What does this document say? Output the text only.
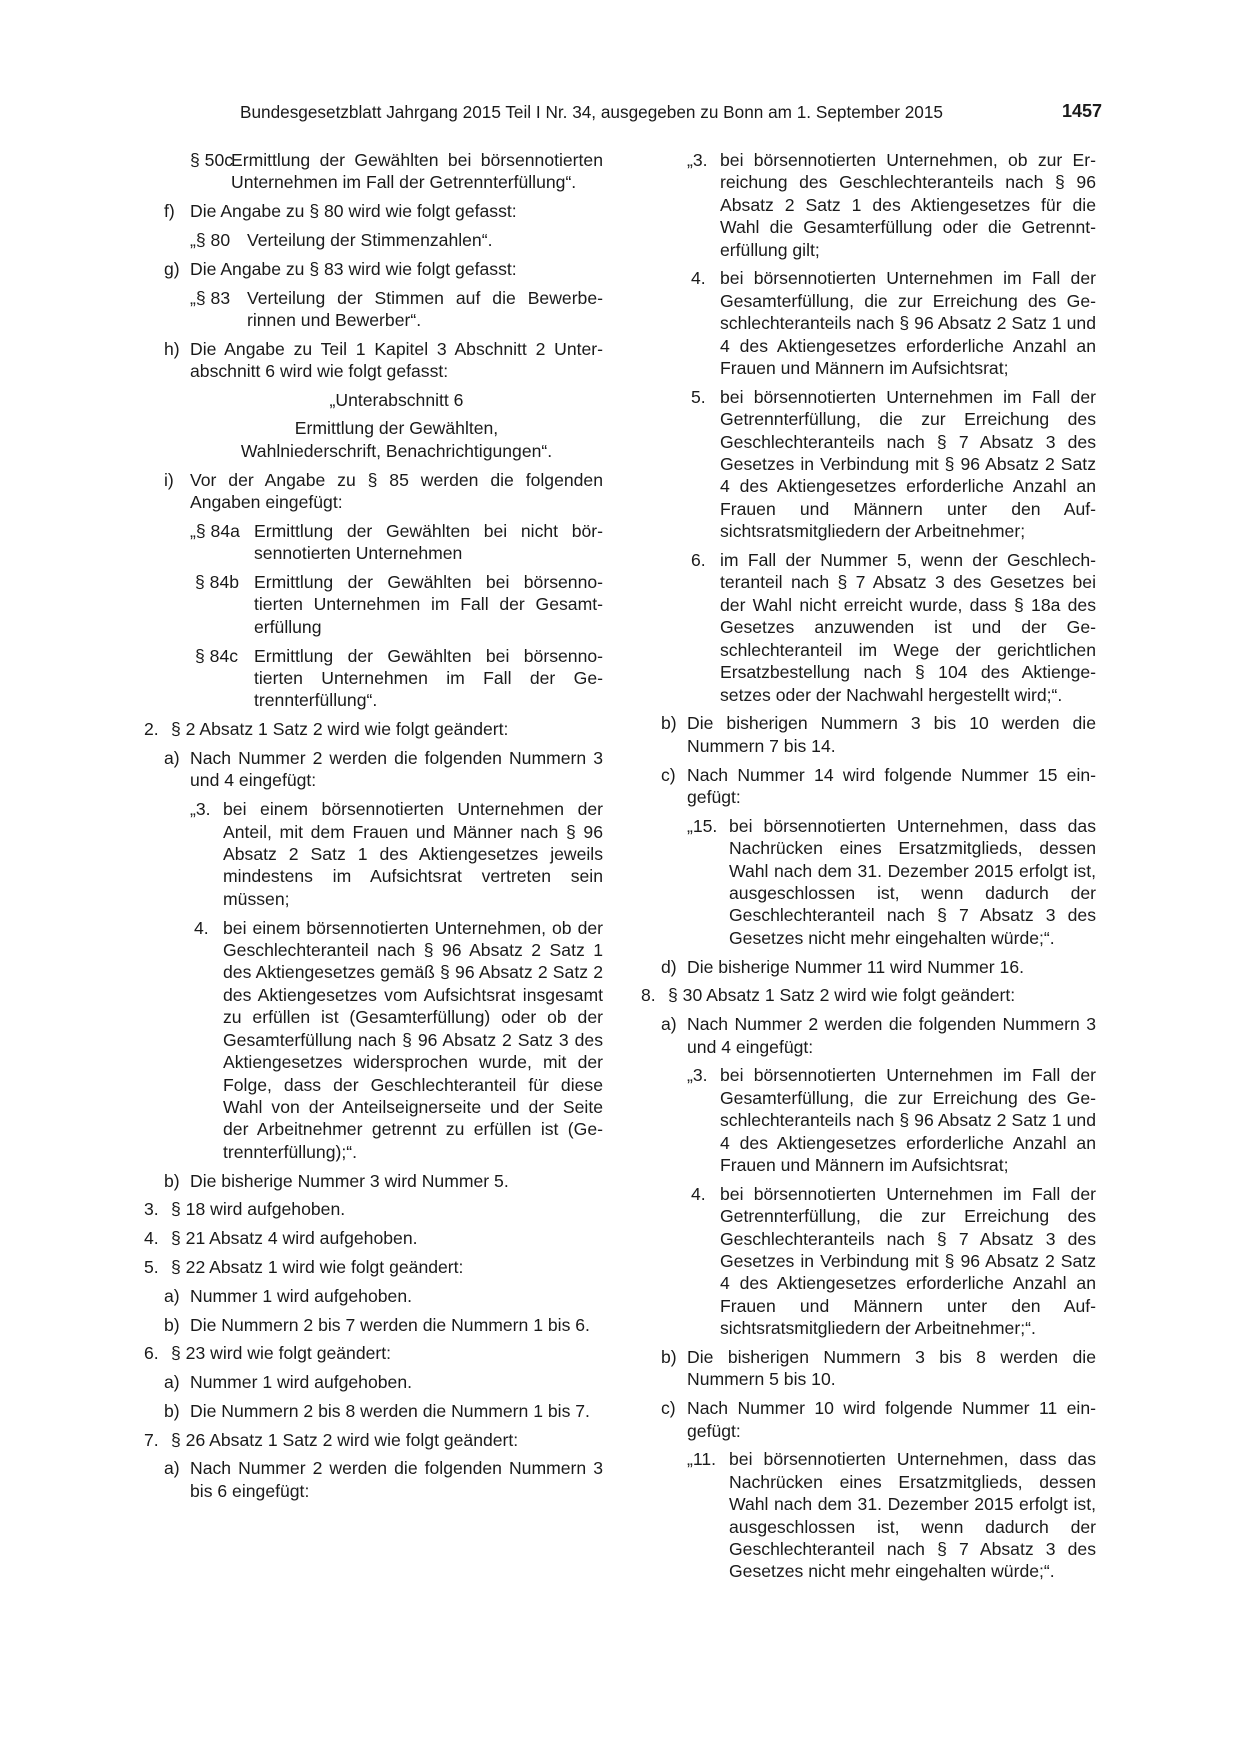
Bundesgesetzblatt Jahrgang 2015 Teil I Nr. 34, ausgegeben zu Bonn am 1. September 2015	1457
§ 50c
Ermittlung der Gewählten bei börsennotierten Unternehmen im Fall der Getrennterfüllung“.
f) Die Angabe zu § 80 wird wie folgt gefasst:
„§ 80 Verteilung der Stimmenzahlen“.
g) Die Angabe zu § 83 wird wie folgt gefasst:
„§ 83 Verteilung der Stimmen auf die Bewerberinnen und Bewerber“.
h) Die Angabe zu Teil 1 Kapitel 3 Abschnitt 2 Unterabschnitt 6 wird wie folgt gefasst:
„Unterabschnitt 6
Ermittlung der Gewählten,
Wahlniederschrift, Benachrichtigungen“.
i) Vor der Angabe zu § 85 werden die folgenden Angaben eingefügt:
„§ 84a Ermittlung der Gewählten bei nicht börsennotierten Unternehmen
§ 84b Ermittlung der Gewählten bei börsennotierten Unternehmen im Fall der Gesamterfüllung
§ 84c Ermittlung der Gewählten bei börsennotierten Unternehmen im Fall der Getrennterfüllung“.
2. § 2 Absatz 1 Satz 2 wird wie folgt geändert:
a) Nach Nummer 2 werden die folgenden Nummern 3 und 4 eingefügt:
„3. bei einem börsennotierten Unternehmen der Anteil, mit dem Frauen und Männer nach § 96 Absatz 2 Satz 1 des Aktiengesetzes jeweils mindestens im Aufsichtsrat vertreten sein müssen;
4. bei einem börsennotierten Unternehmen, ob der Geschlechteranteil nach § 96 Absatz 2 Satz 1 des Aktiengesetzes gemäß § 96 Absatz 2 Satz 2 des Aktiengesetzes vom Aufsichtsrat insgesamt zu erfüllen ist (Gesamterfüllung) oder ob der Gesamterfüllung nach § 96 Absatz 2 Satz 3 des Aktiengesetzes widersprochen wurde, mit der Folge, dass der Geschlechteranteil für diese Wahl von der Anteilseignerseite und der Seite der Arbeitnehmer getrennt zu erfüllen ist (Getrennterfüllung);“.
b) Die bisherige Nummer 3 wird Nummer 5.
3. § 18 wird aufgehoben.
4. § 21 Absatz 4 wird aufgehoben.
5. § 22 Absatz 1 wird wie folgt geändert:
a) Nummer 1 wird aufgehoben.
b) Die Nummern 2 bis 7 werden die Nummern 1 bis 6.
6. § 23 wird wie folgt geändert:
a) Nummer 1 wird aufgehoben.
b) Die Nummern 2 bis 8 werden die Nummern 1 bis 7.
7. § 26 Absatz 1 Satz 2 wird wie folgt geändert:
a) Nach Nummer 2 werden die folgenden Nummern 3 bis 6 eingefügt:
„3. bei börsennotierten Unternehmen, ob zur Erreichung des Geschlechteranteils nach § 96 Absatz 2 Satz 1 des Aktiengesetzes für die Wahl die Gesamterfüllung oder die Getrennterfüllung gilt;
4. bei börsennotierten Unternehmen im Fall der Gesamterfüllung, die zur Erreichung des Geschlechteranteils nach § 96 Absatz 2 Satz 1 und 4 des Aktiengesetzes erforderliche Anzahl an Frauen und Männern im Aufsichtsrat;
5. bei börsennotierten Unternehmen im Fall der Getrennterfüllung, die zur Erreichung des Geschlechteranteils nach § 7 Absatz 3 des Gesetzes in Verbindung mit § 96 Absatz 2 Satz 4 des Aktiengesetzes erforderliche Anzahl an Frauen und Männern unter den Aufsichtsratsmitgliedern der Arbeitnehmer;
6. im Fall der Nummer 5, wenn der Geschlechteranteil nach § 7 Absatz 3 des Gesetzes bei der Wahl nicht erreicht wurde, dass § 18a des Gesetzes anzuwenden ist und der Geschlechteranteil im Wege der gerichtlichen Ersatzbestellung nach § 104 des Aktiengesetzes oder der Nachwahl hergestellt wird;“.
b) Die bisherigen Nummern 3 bis 10 werden die Nummern 7 bis 14.
c) Nach Nummer 14 wird folgende Nummer 15 eingefügt:
„15. bei börsennotierten Unternehmen, dass das Nachrücken eines Ersatzmitglieds, dessen Wahl nach dem 31. Dezember 2015 erfolgt ist, ausgeschlossen ist, wenn dadurch der Geschlechteranteil nach § 7 Absatz 3 des Gesetzes nicht mehr eingehalten würde;“.
d) Die bisherige Nummer 11 wird Nummer 16.
8. § 30 Absatz 1 Satz 2 wird wie folgt geändert:
a) Nach Nummer 2 werden die folgenden Nummern 3 und 4 eingefügt:
„3. bei börsennotierten Unternehmen im Fall der Gesamterfüllung, die zur Erreichung des Geschlechteranteils nach § 96 Absatz 2 Satz 1 und 4 des Aktiengesetzes erforderliche Anzahl an Frauen und Männern im Aufsichtsrat;
4. bei börsennotierten Unternehmen im Fall der Getrennterfüllung, die zur Erreichung des Geschlechteranteils nach § 7 Absatz 3 des Gesetzes in Verbindung mit § 96 Absatz 2 Satz 4 des Aktiengesetzes erforderliche Anzahl an Frauen und Männern unter den Aufsichtsratsmitgliedern der Arbeitnehmer;“.
b) Die bisherigen Nummern 3 bis 8 werden die Nummern 5 bis 10.
c) Nach Nummer 10 wird folgende Nummer 11 eingefügt:
„11. bei börsennotierten Unternehmen, dass das Nachrücken eines Ersatzmitglieds, dessen Wahl nach dem 31. Dezember 2015 erfolgt ist, ausgeschlossen ist, wenn dadurch der Geschlechteranteil nach § 7 Absatz 3 des Gesetzes nicht mehr eingehalten würde;“.
